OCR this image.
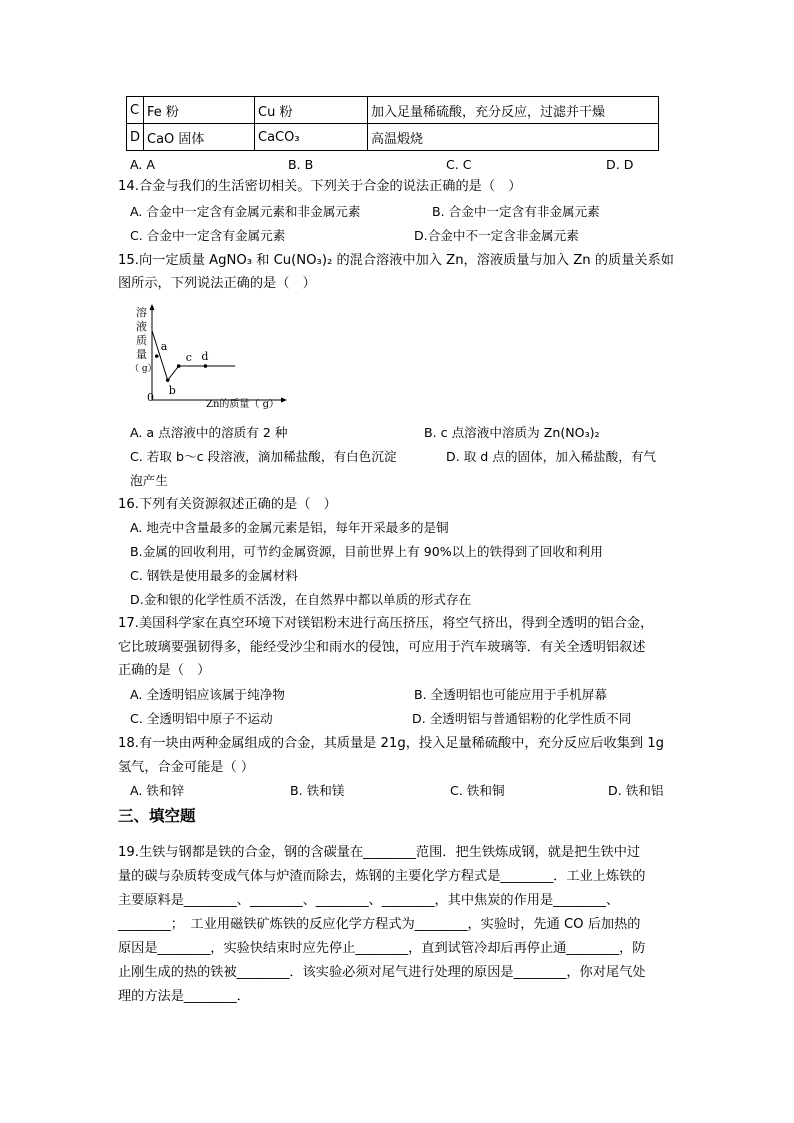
C	Fe 粉	Cu 粉	加入足量稀硫酸，充分反应，过滤并干燥
D	CaO 固体	CaCO₃	高温煅烧
A. A	B. B	C. C	D. D
14.合金与我们的生活密切相关。下列关于合金的说法正确的是（　）
A. 合金中一定含有金属元素和非金属元素	B. 合金中一定含有非金属元素
C. 合金中一定含有金属元素	D.合金中不一定含非金属元素
15.向一定质量 AgNO₃ 和 Cu(NO₃)₂ 的混合溶液中加入 Zn，溶液质量与加入 Zn 的质量关系如
图所示，下列说法正确的是（　）
溶
液
质
量
（ g）
0
Zn的质量（ g）
a
b
c d
A. a 点溶液中的溶质有 2 种	B. c 点溶液中溶质为 Zn(NO₃)₂
C. 若取 b～c 段溶液，滴加稀盐酸，有白色沉淀	D. 取 d 点的固体，加入稀盐酸，有气
泡产生
16.下列有关资源叙述正确的是（　）
A. 地壳中含量最多的金属元素是铝，每年开采最多的是铜
B.金属的回收利用，可节约金属资源，目前世界上有 90%以上的铁得到了回收和利用
C. 钢铁是使用最多的金属材料
D.金和银的化学性质不活泼，在自然界中都以单质的形式存在
17.美国科学家在真空环境下对镁铝粉末进行高压挤压，将空气挤出，得到全透明的铝合金，
它比玻璃要强韧得多，能经受沙尘和雨水的侵蚀，可应用于汽车玻璃等．有关全透明铝叙述
正确的是（　）
A. 全透明铝应该属于纯净物	B. 全透明铝也可能应用于手机屏幕
C. 全透明铝中原子不运动	D. 全透明铝与普通铝粉的化学性质不同
18.有一块由两种金属组成的合金，其质量是 21g，投入足量稀硫酸中，充分反应后收集到 1g
氢气，合金可能是（ ）
A. 铁和锌	B. 铁和镁	C. 铁和铜	D. 铁和铝
三、填空题
19.生铁与钢都是铁的合金，钢的含碳量在________范围．把生铁炼成钢，就是把生铁中过
量的碳与杂质转变成气体与炉渣而除去，炼钢的主要化学方程式是________．工业上炼铁的
主要原料是________、________、________、________，其中焦炭的作用是________、
________；　工业用磁铁矿炼铁的反应化学方程式为________，实验时，先通 CO 后加热的
原因是________，实验快结束时应先停止________，直到试管冷却后再停止通________，防
止刚生成的热的铁被________．该实验必须对尾气进行处理的原因是________，你对尾气处
理的方法是________．
